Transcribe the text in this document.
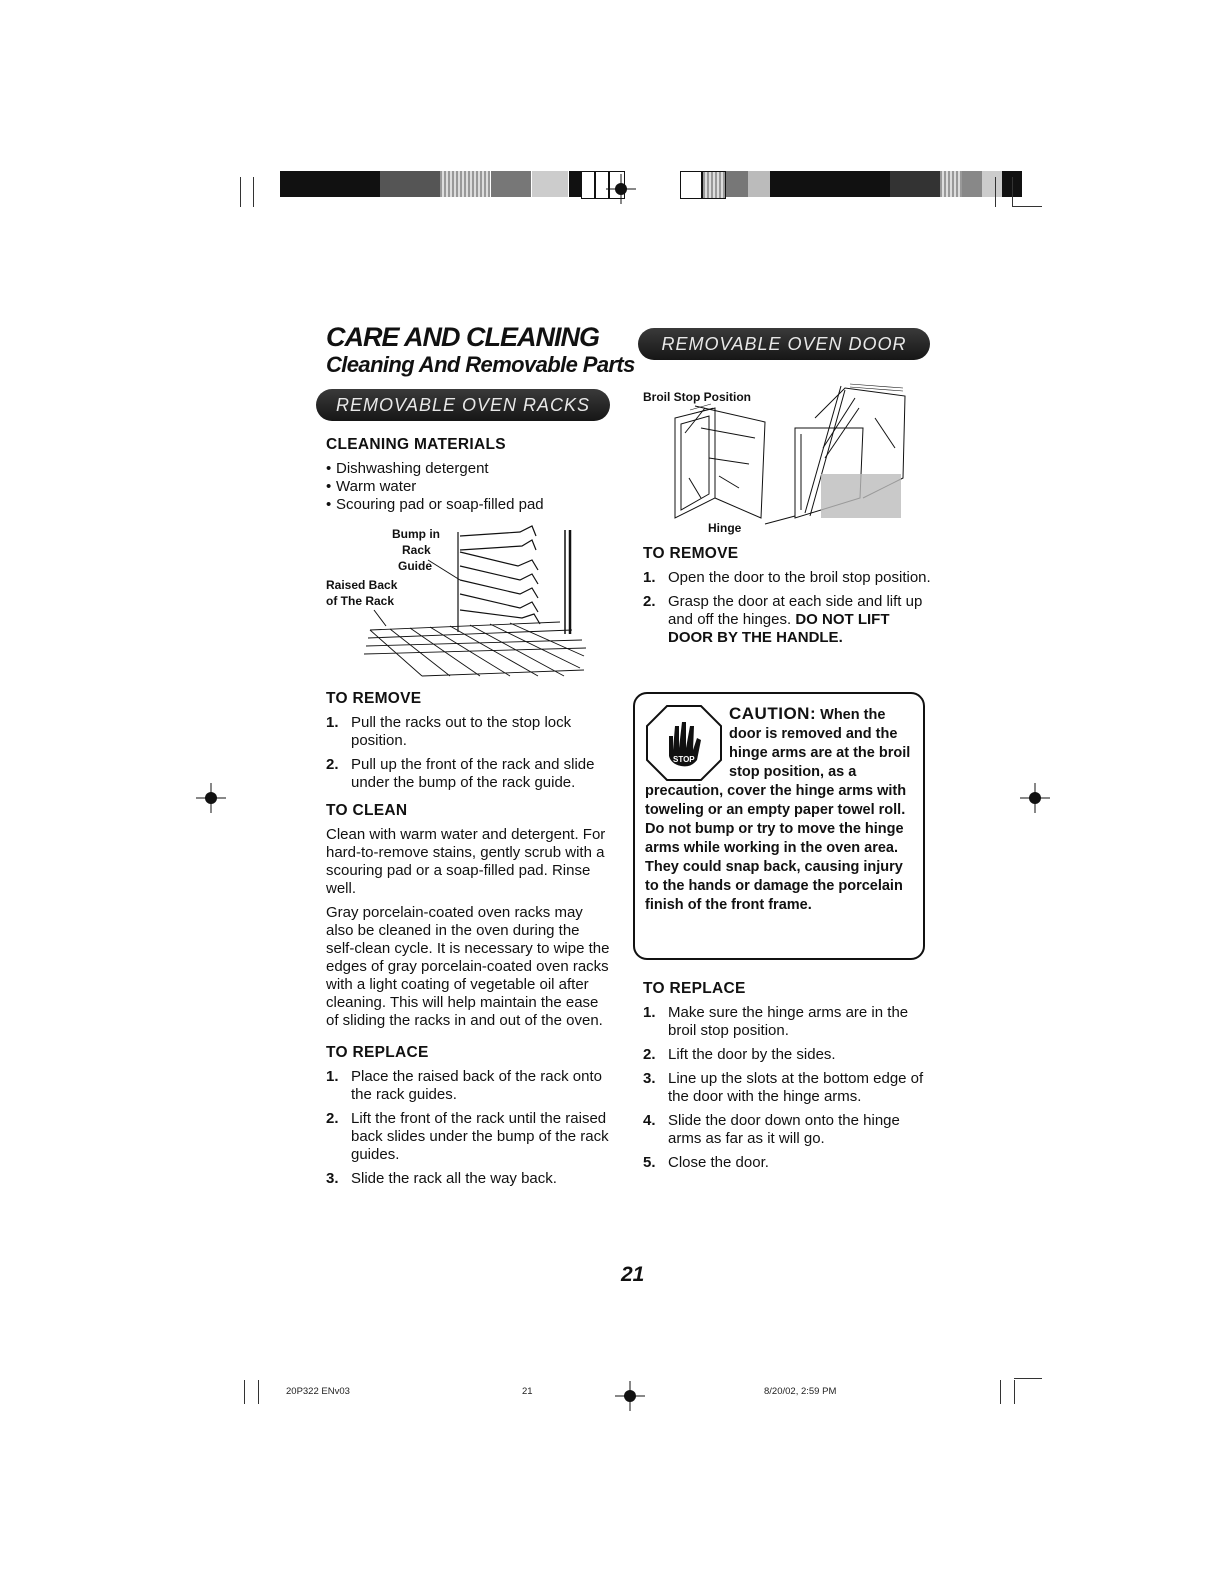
CARE AND CLEANING
Cleaning And Removable Parts
REMOVABLE OVEN RACKS
CLEANING MATERIALS
• Dishwashing detergent
• Warm water
• Scouring pad or soap-filled pad
Bump in
Rack
Guide
Raised Back
of The Rack
TO REMOVE
1. Pull the racks out to the stop lock position.
2. Pull up the front of the rack and slide under the bump of the rack guide.
TO CLEAN

Clean with warm water and detergent. For hard-to-remove stains, gently scrub with a scouring pad or a soap-filled pad. Rinse well.

Gray porcelain-coated oven racks may also be cleaned in the oven during the self-clean cycle. It is necessary to wipe the edges of gray porcelain-coated oven racks with a light coating of vegetable oil after cleaning. This will help maintain the ease of sliding the racks in and out of the oven.

TO REPLACE
1. Place the raised back of the rack onto the rack guides.
2. Lift the front of the rack until the raised back slides under the bump of the rack guides.
3. Slide the rack all the way back.
REMOVABLE OVEN DOOR
Broil Stop Position
Hinge
TO REMOVE
1. Open the door to the broil stop position.
2. Grasp the door at each side and lift up and off the hinges. DO NOT LIFT DOOR BY THE HANDLE.
STOP
CAUTION: When the door is removed and the hinge arms are at the broil stop position, as a precaution, cover the hinge arms with toweling or an empty paper towel roll. Do not bump or try to move the hinge arms while working in the oven area. They could snap back, causing injury to the hands or damage the porcelain finish of the front frame.
TO REPLACE
1. Make sure the hinge arms are in the broil stop position.
2. Lift the door by the sides.
3. Line up the slots at the bottom edge of the door with the hinge arms.
4. Slide the door down onto the hinge arms as far as it will go.
5. Close the door.
21
20P322 ENv03	21	8/20/02, 2:59 PM
